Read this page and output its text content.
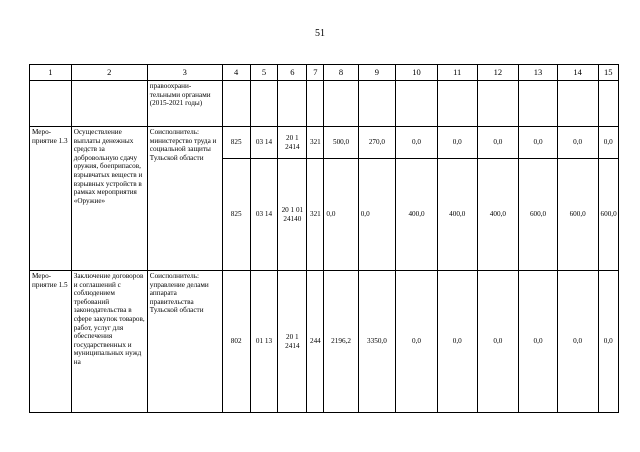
51
1	2	3	4	5	6	7	8	9	10	11	12	13	14	15
		правоохрани-тельными органами (2015-2021 годы)												
Меро-приятие 1.3	Осуществление выплаты денежных средств за добровольную сдачу оружия, боеприпасов, взрывчатых веществ и взрывных устройств в рамках мероприятия «Оружие»	Соисполнитель: министерство труда и социальной защиты Тульской области	825	03 14	20 1 2414	321	500,0	270,0	0,0	0,0	0,0	0,0	0,0	0,0
			825	03 14	20 1 01 24140	321	0,0	0,0	400,0	400,0	400,0	600,0	600,0	600,0
Меро-приятие 1.5	Заключение договоров и соглашений с соблюдением требований законодательства в сфере закупок товаров, работ, услуг для обеспечения государственных и муниципальных нужд на	Соисполнитель: управление делами аппарата правительства Тульской области	802	01 13	20 1 2414	244	2196,2	3350,0	0,0	0,0	0,0	0,0	0,0	0,0
